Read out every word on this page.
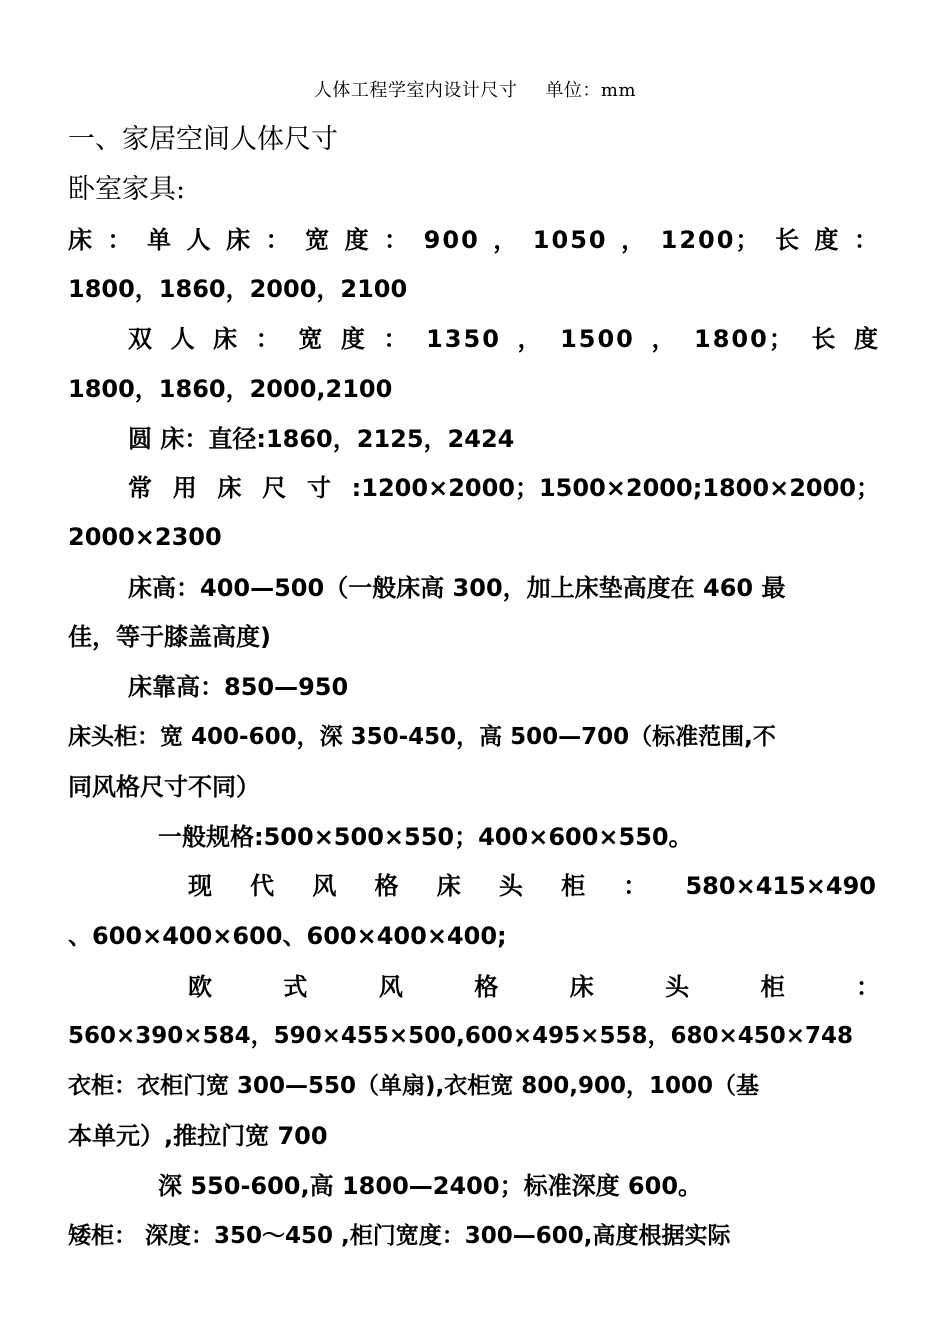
人体工程学室内设计尺寸 单位：mm
一、家居空间人体尺寸
卧室家具:
床：单人床：宽度：900，1050，1200；长度：
1800，1860，2000，2100
双人床：宽度：1350，1500，1800；长度
1800，1860，2000,2100
圆 床：直径:1860，2125，2424
常用床尺寸:1200×2000；1500×2000;1800×2000；
2000×2300
床高：400—500（一般床高 300，加上床垫高度在 460 最
佳，等于膝盖高度)
床靠高：850—950
床头柜：宽 400-600，深 350-450，高 500—700（标准范围,不
同风格尺寸不同）
一般规格:500×500×550；400×600×550。
现代风格床头柜：580×415×490
、600×400×600、600×400×400;
欧式风格床头柜：
560×390×584，590×455×500,600×495×558，680×450×748
衣柜：衣柜门宽 300—550（单扇),衣柜宽 800,900，1000（基
本单元）,推拉门宽 700
深 550-600,高 1800—2400；标准深度 600。
矮柜： 深度：350～450 ,柜门宽度：300—600,高度根据实际
